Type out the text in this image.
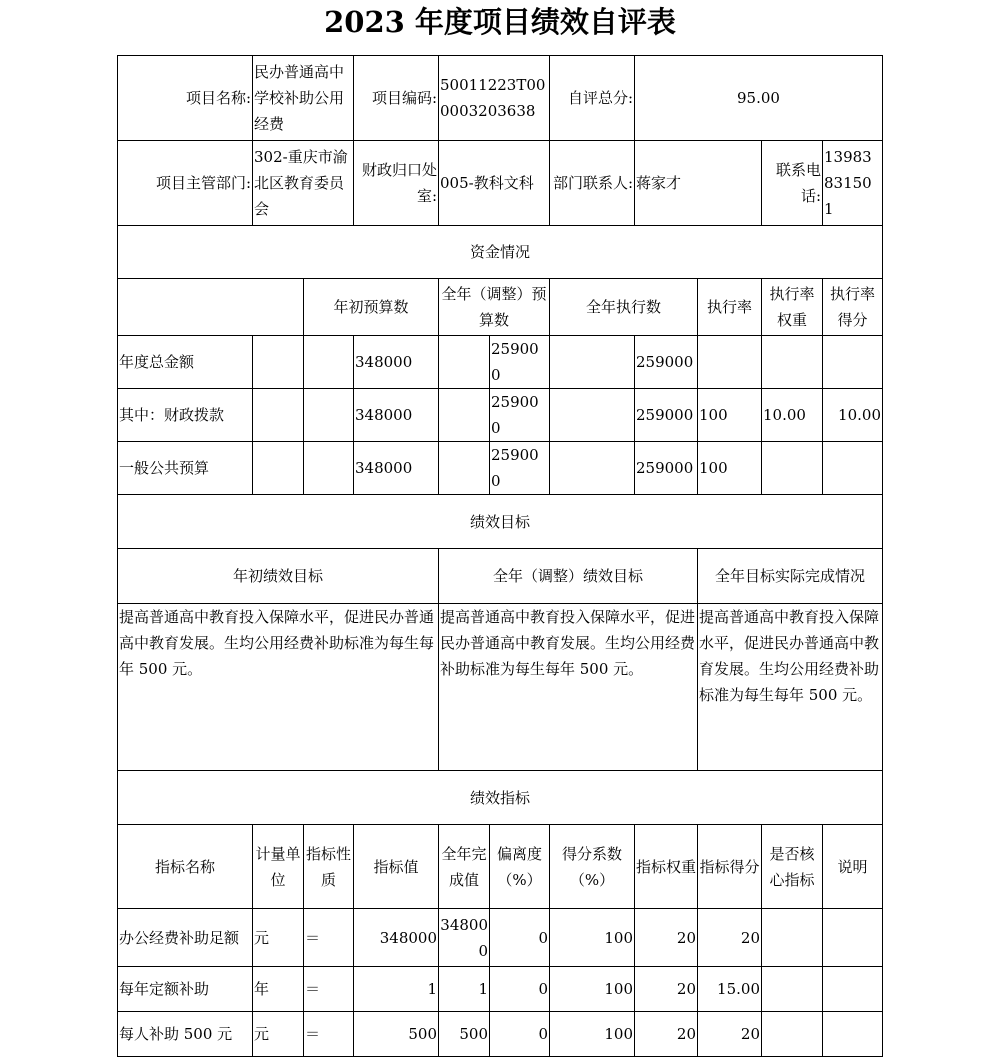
2023 年度项目绩效自评表
项目名称:	民办普通高中学校补助公用经费		项目编码:	50011223T000003203638		自评总分:	95.00			
项目主管部门:	302-重庆市渝北区教育委员会		财政归口处室:	005-教科文科		部门联系人:	蒋家才		联系电话:	13983831501
资金情况										
		年初预算数		全年（调整）预算数		全年执行数		执行率	执行率权重	执行率得分
年度总金额			348000		259000		259000			
其中：财政拨款			348000		259000		259000	100	10.00	10.00
一般公共预算			348000		259000		259000	100		
绩效目标										
年初绩效目标				全年（调整）绩效目标				全年目标实际完成情况		
提高普通高中教育投入保障水平，促进民办普通高中教育发展。生均公用经费补助标准为每生每年 500 元。				提高普通高中教育投入保障水平，促进民办普通高中教育发展。生均公用经费补助标准为每生每年 500 元。				提高普通高中教育投入保障水平，促进民办普通高中教育发展。生均公用经费补助标准为每生每年 500 元。		
绩效指标										
指标名称	计量单位	指标性质	指标值	全年完成值	偏离度（%）	得分系数（%）	指标权重	指标得分	是否核心指标	说明
办公经费补助足额	元	＝	348000	348000	0	100	20	20		
每年定额补助	年	＝	1	1	0	100	20	15.00		
每人补助 500 元	元	＝	500	500	0	100	20	20		
